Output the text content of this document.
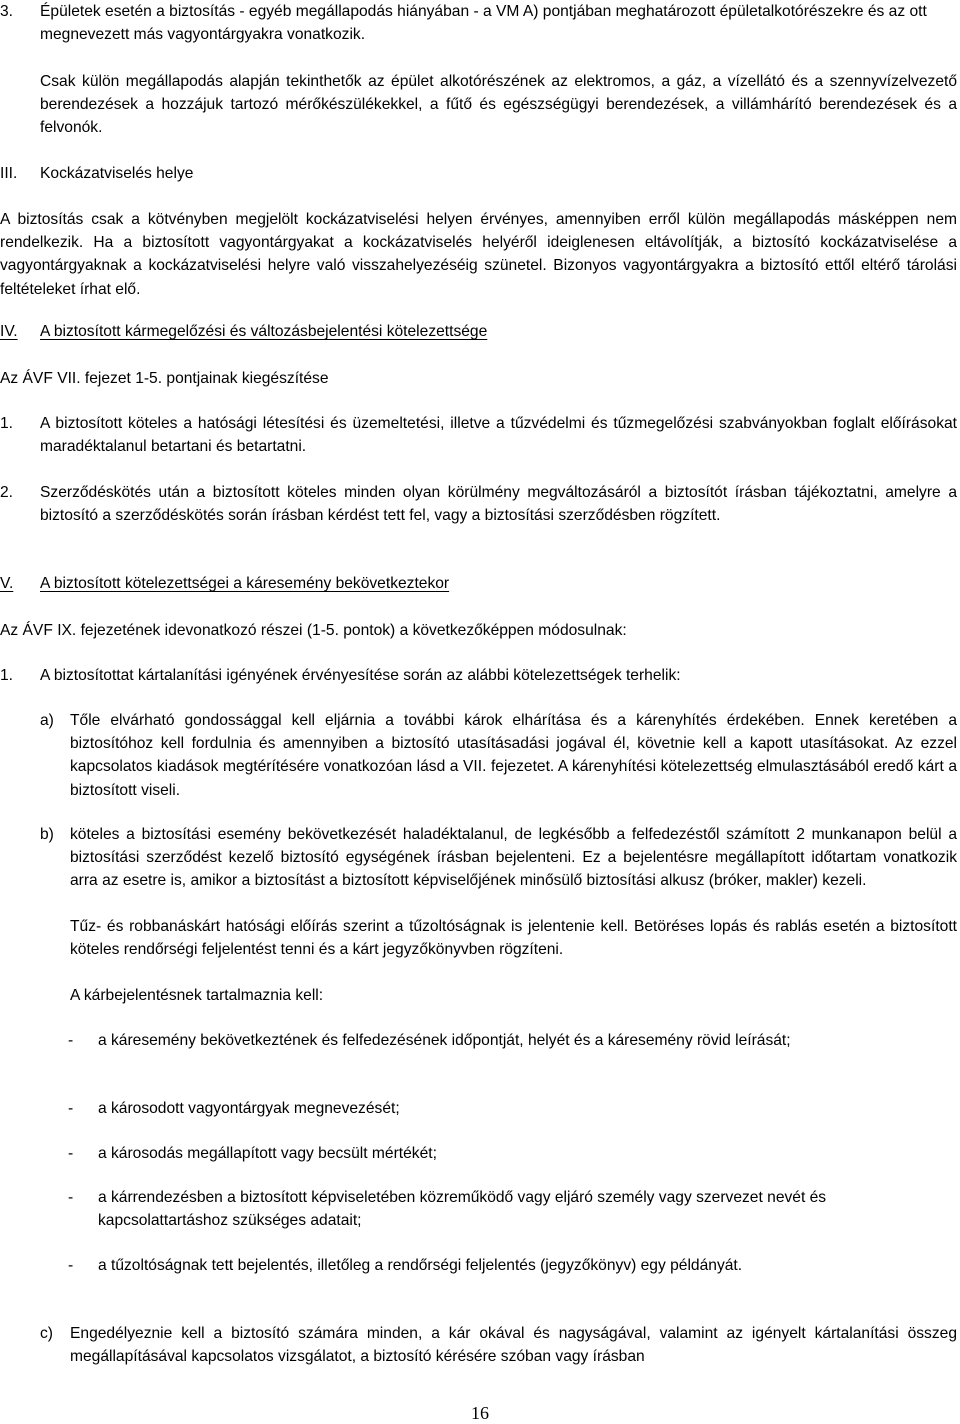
3. Épületek esetén a biztosítás - egyéb megállapodás hiányában - a VM A) pontjában meghatározott épületalkotórészekre és az ott megnevezett más vagyontárgyakra vonatkozik.
Csak külön megállapodás alapján tekinthetők az épület alkotórészének az elektromos, a gáz, a vízellátó és a szennyvízelvezető berendezések a hozzájuk tartozó mérőkészülékekkel, a fűtő és egészségügyi berendezések, a villámhárító berendezések és a felvonók.
III. Kockázatviselés helye
A biztosítás csak a kötvényben megjelölt kockázatviselési helyen érvényes, amennyiben erről külön megállapodás másképpen nem rendelkezik. Ha a biztosított vagyontárgyakat a kockázatviselés helyéről ideiglenesen eltávolítják, a biztosító kockázatviselése a vagyontárgyaknak a kockázatviselési helyre való visszahelyezéséig szünetel. Bizonyos vagyontárgyakra a biztosító ettől eltérő tárolási feltételeket írhat elő.
IV. A biztosított kármegelőzési és változásbejelentési kötelezettsége
Az ÁVF VII. fejezet 1-5. pontjainak kiegészítése
1. A biztosított köteles a hatósági létesítési és üzemeltetési, illetve a tűzvédelmi és tűzmegelőzési szabványokban foglalt előírásokat maradéktalanul betartani és betartatni.
2. Szerződéskötés után a biztosított köteles minden olyan körülmény megváltozásáról a biztosítót írásban tájékoztatni, amelyre a biztosító a szerződéskötés során írásban kérdést tett fel, vagy a biztosítási szerződésben rögzített.
V. A biztosított kötelezettségei a káresemény bekövetkeztekor
Az ÁVF IX. fejezetének idevonatkozó részei (1-5. pontok) a következőképpen módosulnak:
1. A biztosítottat kártalanítási igényének érvényesítése során az alábbi kötelezettségek terhelik:
a) Tőle elvárható gondossággal kell eljárnia a további károk elhárítása és a kárenyhítés érdekében. Ennek keretében a biztosítóhoz kell fordulnia és amennyiben a biztosító utasításadási jogával él, követnie kell a kapott utasításokat. Az ezzel kapcsolatos kiadások megtérítésére vonatkozóan lásd a VII. fejezetet. A kárenyhítési kötelezettség elmulasztásából eredő kárt a biztosított viseli.
b) köteles a biztosítási esemény bekövetkezését haladéktalanul, de legkésőbb a felfedezéstől számított 2 munkanapon belül a biztosítási szerződést kezelő biztosító egységének írásban bejelenteni. Ez a bejelentésre megállapított időtartam vonatkozik arra az esetre is, amikor a biztosítást a biztosított képviselőjének minősülő biztosítási alkusz (bróker, makler) kezeli.
Tűz- és robbanáskárt hatósági előírás szerint a tűzoltóságnak is jelentenie kell. Betöréses lopás és rablás esetén a biztosított köteles rendőrségi feljelentést tenni és a kárt jegyzőkönyvben rögzíteni.
A kárbejelentésnek tartalmaznia kell:
- a káresemény bekövetkeztének és felfedezésének időpontját, helyét és a káresemény rövid leírását;
- a károsodott vagyontárgyak megnevezését;
- a károsodás megállapított vagy becsült mértékét;
- a kárrendezésben a biztosított képviseletében közreműködő vagy eljáró személy vagy szervezet nevét és kapcsolattartáshoz szükséges adatait;
- a tűzoltóságnak tett bejelentés, illetőleg a rendőrségi feljelentés (jegyzőkönyv) egy példányát.
c) Engedélyeznie kell a biztosító számára minden, a kár okával és nagyságával, valamint az igényelt kártalanítási összeg megállapításával kapcsolatos vizsgálatot, a biztosító kérésére szóban vagy írásban
16
